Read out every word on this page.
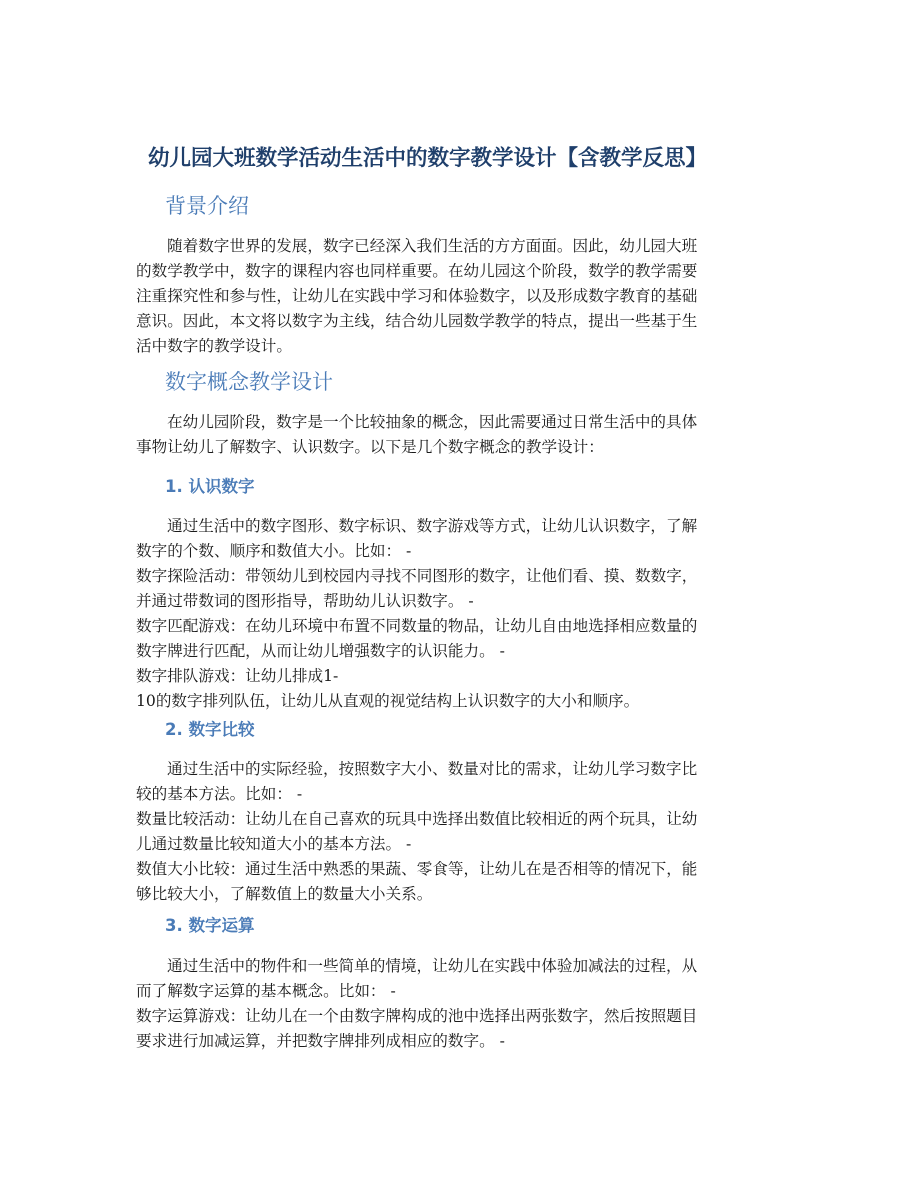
幼儿园大班数学活动生活中的数字教学设计【含教学反思】
背景介绍
随着数字世界的发展，数字已经深入我们生活的方方面面。因此，幼儿园大班
的数学教学中，数字的课程内容也同样重要。在幼儿园这个阶段，数学的教学需要
注重探究性和参与性，让幼儿在实践中学习和体验数字，以及形成数字教育的基础
意识。因此，本文将以数字为主线，结合幼儿园数学教学的特点，提出一些基于生
活中数字的教学设计。
数字概念教学设计
在幼儿园阶段，数字是一个比较抽象的概念，因此需要通过日常生活中的具体
事物让幼儿了解数字、认识数字。以下是几个数字概念的教学设计：
1. 认识数字
通过生活中的数字图形、数字标识、数字游戏等方式，让幼儿认识数字，了解
数字的个数、顺序和数值大小。比如： -
数字探险活动：带领幼儿到校园内寻找不同图形的数字，让他们看、摸、数数字，
并通过带数词的图形指导，帮助幼儿认识数字。 -
数字匹配游戏：在幼儿环境中布置不同数量的物品，让幼儿自由地选择相应数量的
数字牌进行匹配，从而让幼儿增强数字的认识能力。 -
数字排队游戏：让幼儿排成1-
10的数字排列队伍，让幼儿从直观的视觉结构上认识数字的大小和顺序。
2. 数字比较
通过生活中的实际经验，按照数字大小、数量对比的需求，让幼儿学习数字比
较的基本方法。比如： -
数量比较活动：让幼儿在自己喜欢的玩具中选择出数值比较相近的两个玩具，让幼
儿通过数量比较知道大小的基本方法。 -
数值大小比较：通过生活中熟悉的果蔬、零食等，让幼儿在是否相等的情况下，能
够比较大小，了解数值上的数量大小关系。
3. 数字运算
通过生活中的物件和一些简单的情境，让幼儿在实践中体验加减法的过程，从
而了解数字运算的基本概念。比如： -
数字运算游戏：让幼儿在一个由数字牌构成的池中选择出两张数字，然后按照题目
要求进行加减运算，并把数字牌排列成相应的数字。 -
